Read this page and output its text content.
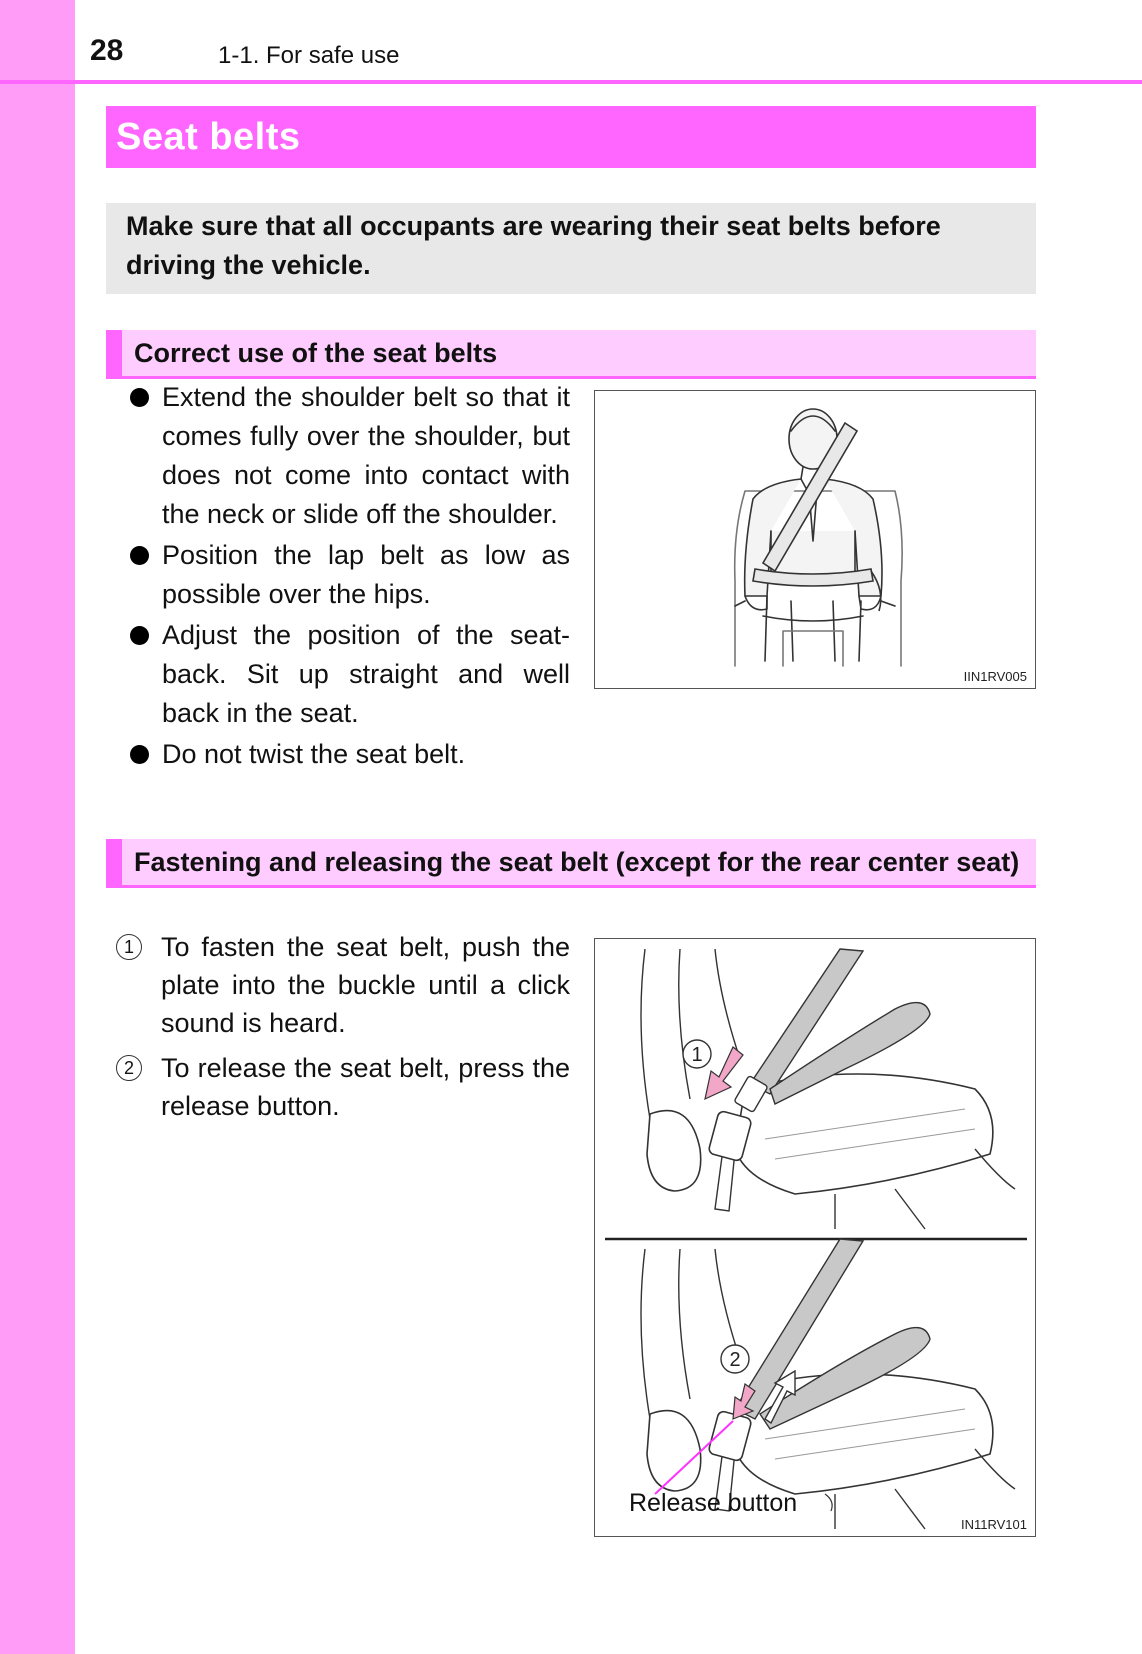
28	1-1. For safe use
Seat belts
Make sure that all occupants are wearing their seat belts before driving the vehicle.
Correct use of the seat belts
Extend the shoulder belt so that it comes fully over the shoulder, but does not come into contact with the neck or slide off the shoulder.
Position the lap belt as low as possible over the hips.
Adjust the position of the seat-back. Sit up straight and well back in the seat.
Do not twist the seat belt.
IIN1RV005
Fastening and releasing the seat belt (except for the rear center seat)
1 To fasten the seat belt, push the plate into the buckle until a click sound is heard.
2 To release the seat belt, press the release button.
1
2
Release button
IN11RV101
